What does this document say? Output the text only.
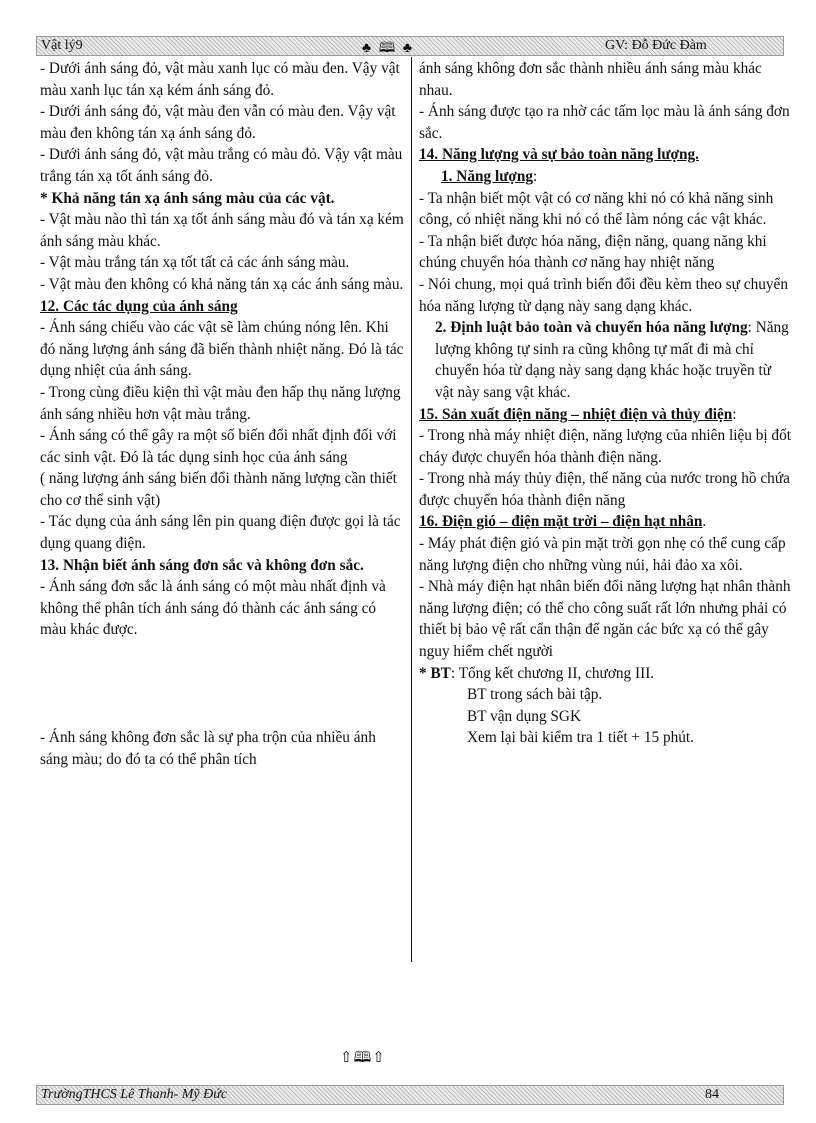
Vật lý9	♣ 🕮 ♣	GV: Đỗ Đức Đàm

- Dưới ánh sáng đỏ, vật màu xanh lục có màu đen. Vậy vật màu xanh lục tán xạ kém ánh sáng đỏ.

- Dưới ánh sáng đỏ, vật màu đen vẫn có màu đen. Vậy vật màu đen không tán xạ ánh sáng đỏ.

- Dưới ánh sáng đỏ, vật màu trắng có màu đỏ. Vậy vật màu trắng tán xạ tốt ánh sáng đỏ.

* Khả năng tán xạ ánh sáng màu của các vật.

- Vật màu nào thì tán xạ tốt ánh sáng màu đó và tán xạ kém ánh sáng màu khác.

- Vật màu trắng tán xạ tốt tất cả các ánh sáng màu.

- Vật màu đen không có khả năng tán xạ các ánh sáng màu.

12. Các tác dụng của ánh sáng

- Ánh sáng chiếu vào các vật sẽ làm chúng nóng lên. Khi đó năng lượng ánh sáng đã biến thành nhiệt năng. Đó là tác dụng nhiệt của ánh sáng.

- Trong cùng điều kiện thì vật màu đen hấp thụ năng lượng ánh sáng nhiều hơn vật màu trắng.

- Ánh sáng có thể gây ra một số biến đổi nhất định đối với các sinh vật. Đó là tác dụng sinh học của ánh sáng

( năng lượng ánh sáng biến đổi thành năng lượng cần thiết cho cơ thể sinh vật)

- Tác dụng của ánh sáng lên pin quang điện được gọi là tác dụng quang điện.

13. Nhận biết ánh sáng đơn sắc và không đơn sắc.

- Ánh sáng đơn sắc là ánh sáng có một màu nhất định và không thể phân tích ánh sáng đó thành các ánh sáng có màu khác được.

- Ánh sáng không đơn sắc là sự pha trộn của nhiều ánh sáng màu; do đó ta có thể phân tích

ánh sáng không đơn sắc thành nhiều ánh sáng màu khác nhau.

- Ánh sáng được tạo ra nhờ các tấm lọc màu là ánh sáng đơn sắc.

14. Năng lượng và sự bảo toàn năng lượng.

1. Năng lượng:

- Ta nhận biết một vật có cơ năng khi nó có khả năng sinh công, có nhiệt năng khi nó có thể làm nóng các vật khác.

- Ta nhận biết được hóa năng, điện năng, quang năng khi chúng chuyển hóa thành cơ năng hay nhiệt năng

- Nói chung, mọi quá trình biến đổi đều kèm theo sự chuyển hóa năng lượng từ dạng này sang dạng khác.

2. Định luật bảo toàn và chuyển hóa năng lượng: Năng lượng không tự sinh ra cũng không tự mất đi mà chỉ chuyển hóa từ dạng này sang dạng khác hoặc truyền từ vật này sang vật khác.

15. Sản xuất điện năng – nhiệt điện và thủy điện:

- Trong nhà máy nhiệt điện, năng lượng của nhiên liệu bị đốt cháy được chuyển hóa thành điện năng.

- Trong nhà máy thủy điện, thế năng của nước trong hồ chứa được chuyển hóa thành điện năng

16. Điện gió – điện mặt trời – điện hạt nhân.

- Máy phát điện gió và pin mặt trời gọn nhẹ có thể cung cấp năng lượng điện cho những vùng núi, hải đảo xa xôi.

- Nhà máy điện hạt nhân biến đổi năng lượng hạt nhân thành năng lượng điện; có thể cho công suất rất lớn nhưng phải có thiết bị bảo vệ rất cẩn thận để ngăn các bức xạ có thể gây nguy hiểm chết người

* BT: Tổng kết chương II, chương III.

BT trong sách bài tập.

BT vận dụng SGK

Xem lại bài kiểm tra 1 tiết + 15 phút.

⇧🕮⇧
TrườngTHCS Lê Thanh- Mỹ Đức	84
